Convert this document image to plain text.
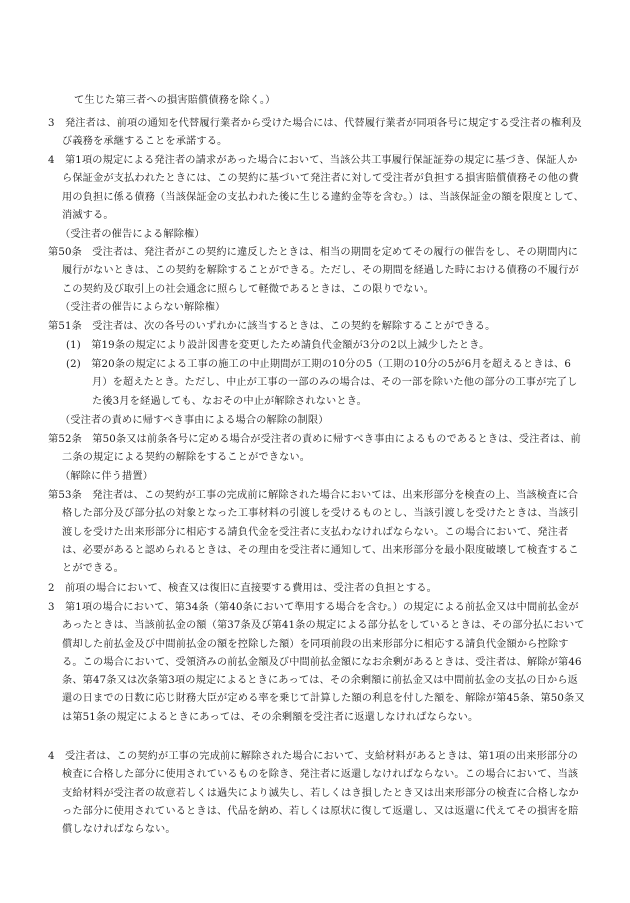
て生じた第三者への損害賠償債務を除く。）

3　発注者は、前項の通知を代替履行業者から受けた場合には、代替履行業者が同項各号に規定する受注者の権利及び義務を承継することを承諾する。

4　第1項の規定による発注者の請求があった場合において、当該公共工事履行保証証券の規定に基づき、保証人から保証金が支払われたときには、この契約に基づいて発注者に対して受注者が負担する損害賠償債務その他の費用の負担に係る債務（当該保証金の支払われた後に生じる違約金等を含む。）は、当該保証金の額を限度として、消滅する。

（受注者の催告による解除権）

第50条　受注者は、発注者がこの契約に違反したときは、相当の期間を定めてその履行の催告をし、その期間内に履行がないときは、この契約を解除することができる。ただし、その期間を経過した時における債務の不履行がこの契約及び取引上の社会通念に照らして軽微であるときは、この限りでない。

（受注者の催告によらない解除権）

第51条　受注者は、次の各号のいずれかに該当するときは、この契約を解除することができる。

(1)　第19条の規定により設計図書を変更したため請負代金額が3分の2以上減少したとき。

(2)　第20条の規定による工事の施工の中止期間が工期の10分の5（工期の10分の5が6月を超えるときは、6月）を超えたとき。ただし、中止が工事の一部のみの場合は、その一部を除いた他の部分の工事が完了した後3月を経過しても、なおその中止が解除されないとき。

（受注者の責めに帰すべき事由による場合の解除の制限）

第52条　第50条又は前条各号に定める場合が受注者の責めに帰すべき事由によるものであるときは、受注者は、前二条の規定による契約の解除をすることができない。

（解除に伴う措置）

第53条　発注者は、この契約が工事の完成前に解除された場合においては、出来形部分を検査の上、当該検査に合格した部分及び部分払の対象となった工事材料の引渡しを受けるものとし、当該引渡しを受けたときは、当該引渡しを受けた出来形部分に相応する請負代金を受注者に支払わなければならない。この場合において、発注者は、必要があると認められるときは、その理由を受注者に通知して、出来形部分を最小限度破壊して検査することができる。

2　前項の場合において、検査又は復旧に直接要する費用は、受注者の負担とする。

3　第1項の場合において、第34条（第40条において準用する場合を含む。）の規定による前払金又は中間前払金があったときは、当該前払金の額（第37条及び第41条の規定による部分払をしているときは、その部分払において償却した前払金及び中間前払金の額を控除した額）を同項前段の出来形部分に相応する請負代金額から控除する。この場合において、受領済みの前払金額及び中間前払金額になお余剰があるときは、受注者は、解除が第46条、第47条又は次条第3項の規定によるときにあっては、その余剰額に前払金又は中間前払金の支払の日から返還の日までの日数に応じ財務大臣が定める率を乗じて計算した額の利息を付した額を、解除が第45条、第50条又は第51条の規定によるときにあっては、その余剰額を受注者に返還しなければならない。

4　受注者は、この契約が工事の完成前に解除された場合において、支給材料があるときは、第1項の出来形部分の検査に合格した部分に使用されているものを除き、発注者に返還しなければならない。この場合において、当該支給材料が受注者の故意若しくは過失により滅失し、若しくはき損したとき又は出来形部分の検査に合格しなかった部分に使用されているときは、代品を納め、若しくは原状に復して返還し、又は返還に代えてその損害を賠償しなければならない。
